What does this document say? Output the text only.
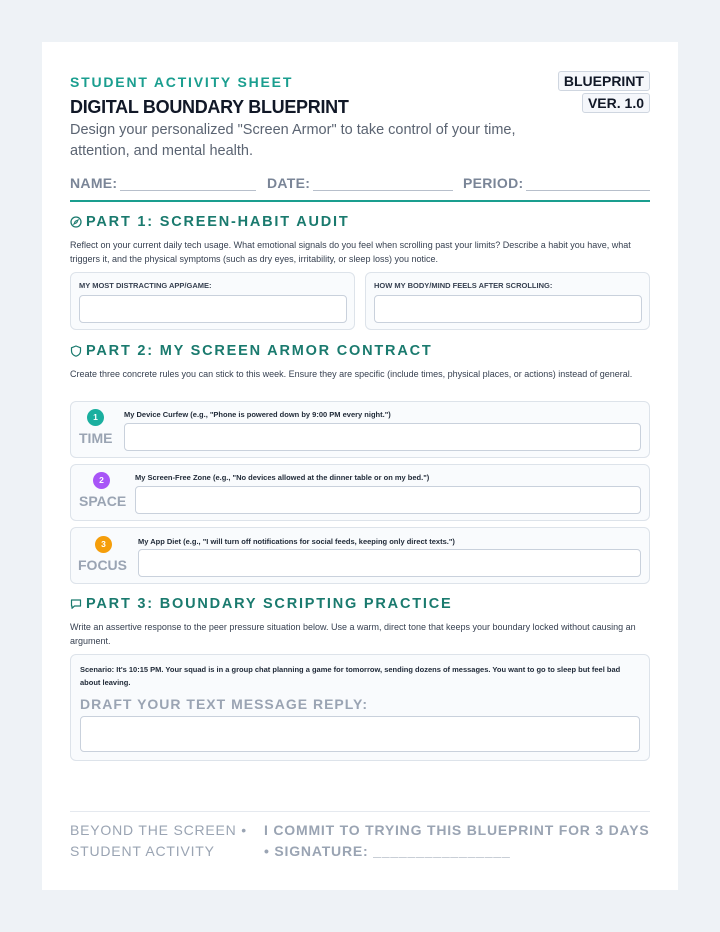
STUDENT ACTIVITY SHEET
DIGITAL BOUNDARY BLUEPRINT
Design your personalized "Screen Armor" to take control of your time, attention, and mental health.
BLUEPRINT
VER. 1.0
NAME:	DATE:	PERIOD:
PART 1: SCREEN-HABIT AUDIT
Reflect on your current daily tech usage. What emotional signals do you feel when scrolling past your limits? Describe a habit you have, what triggers it, and the physical symptoms (such as dry eyes, irritability, or sleep loss) you notice.
MY MOST DISTRACTING APP/GAME:	HOW MY BODY/MIND FEELS AFTER SCROLLING:
PART 2: MY SCREEN ARMOR CONTRACT
Create three concrete rules you can stick to this week. Ensure they are specific (include times, physical places, or actions) instead of general.
1
TIME
My Device Curfew (e.g., "Phone is powered down by 9:00 PM every night.")
2
SPACE
My Screen-Free Zone (e.g., "No devices allowed at the dinner table or on my bed.")
3
FOCUS
My App Diet (e.g., "I will turn off notifications for social feeds, keeping only direct texts.")
PART 3: BOUNDARY SCRIPTING PRACTICE
Write an assertive response to the peer pressure situation below. Use a warm, direct tone that keeps your boundary locked without causing an argument.
Scenario: It's 10:15 PM. Your squad is in a group chat planning a game for tomorrow, sending dozens of messages. You want to go to sleep but feel bad about leaving.
DRAFT YOUR TEXT MESSAGE REPLY:
BEYOND THE SCREEN • STUDENT ACTIVITY
I COMMIT TO TRYING THIS BLUEPRINT FOR 3 DAYS • SIGNATURE: ________________
